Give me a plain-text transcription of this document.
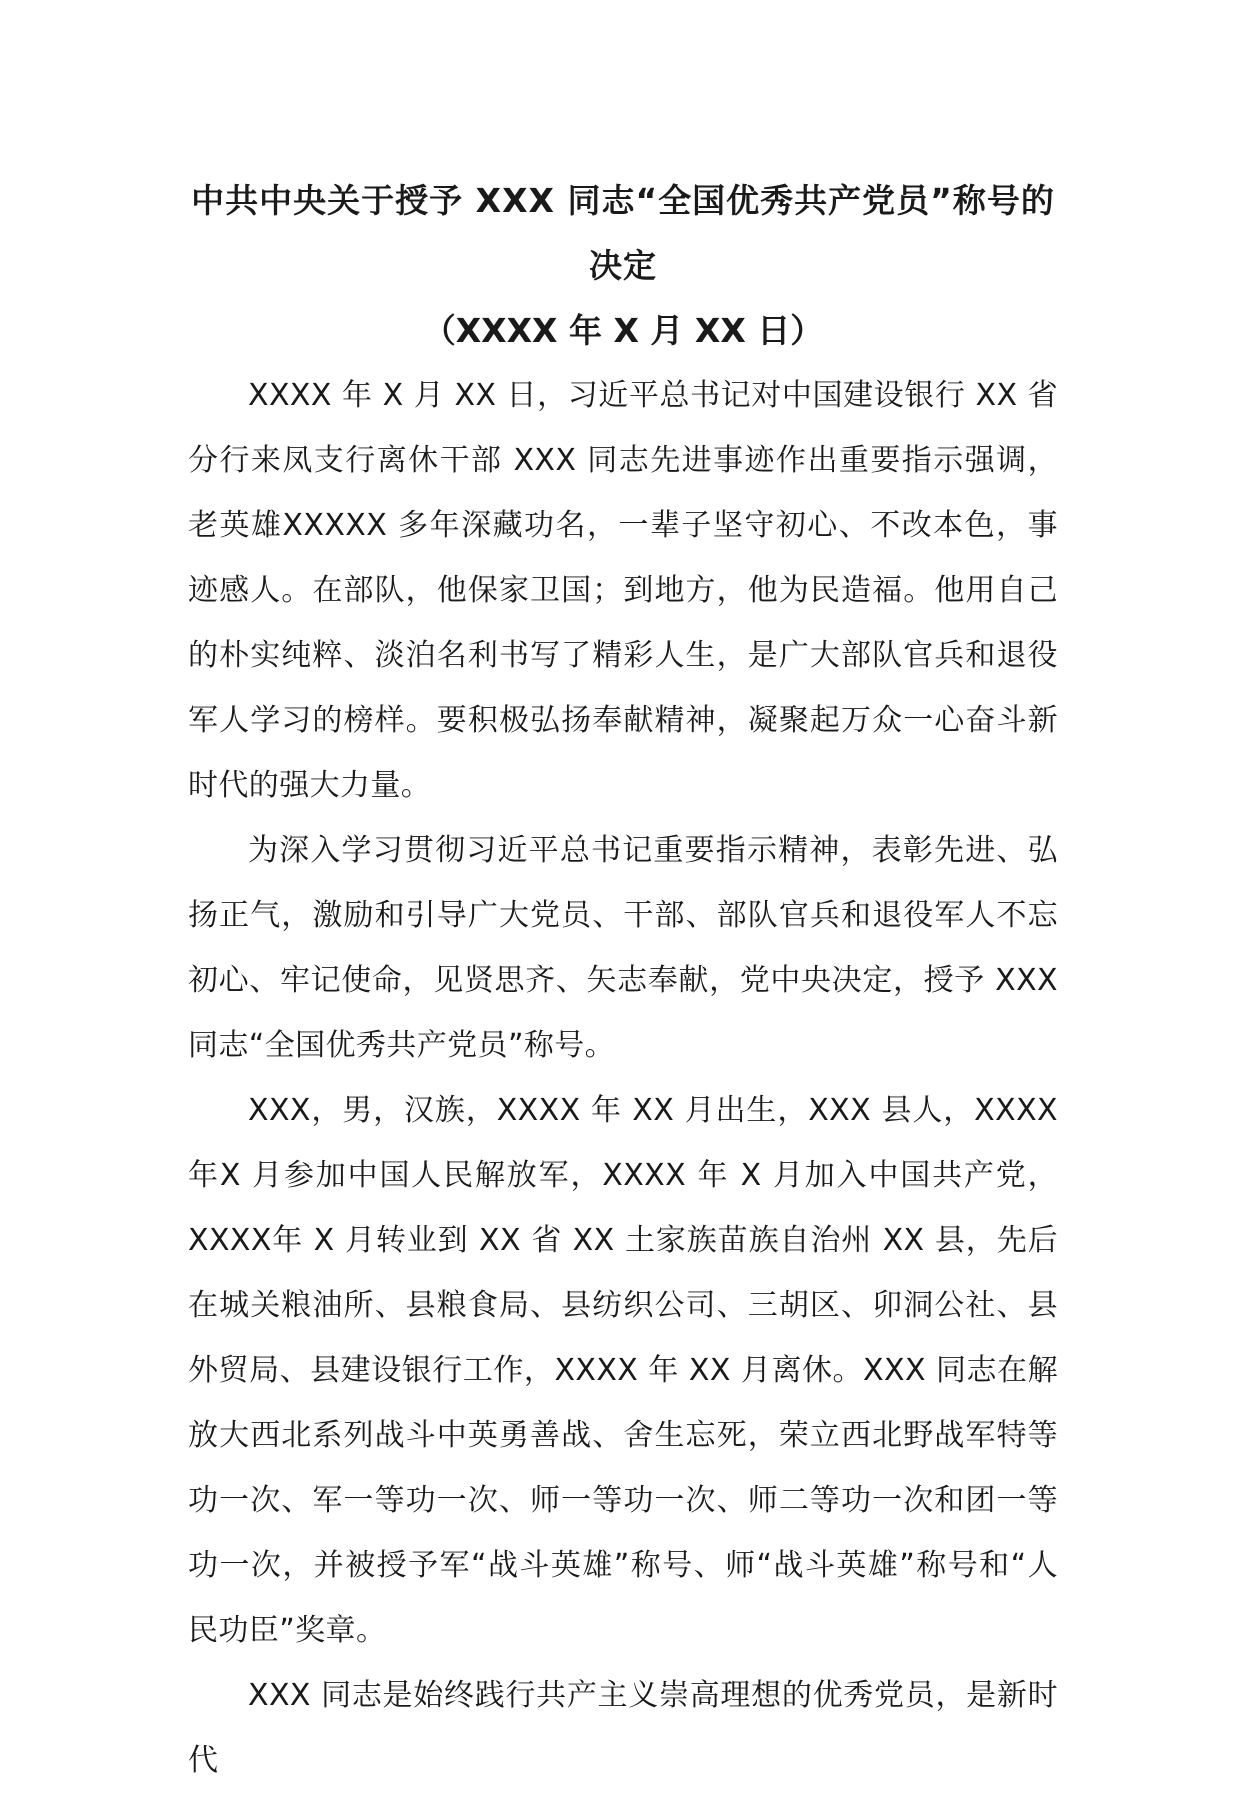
中共中央关于授予 XXX 同志“全国优秀共产党员”称号的决定
（XXXX 年 X 月 XX 日）

XXXX 年 X 月 XX 日，习近平总书记对中国建设银行 XX 省分行来凤支行离休干部 XXX 同志先进事迹作出重要指示强调，老英雄XXXXX 多年深藏功名，一辈子坚守初心、不改本色，事迹感人。在部队，他保家卫国；到地方，他为民造福。他用自己的朴实纯粹、淡泊名利书写了精彩人生，是广大部队官兵和退役军人学习的榜样。要积极弘扬奉献精神，凝聚起万众一心奋斗新时代的强大力量。

为深入学习贯彻习近平总书记重要指示精神，表彰先进、弘扬正气，激励和引导广大党员、干部、部队官兵和退役军人不忘初心、牢记使命，见贤思齐、矢志奉献，党中央决定，授予 XXX 同志“全国优秀共产党员”称号。

XXX，男，汉族，XXXX 年 XX 月出生，XXX 县人，XXXX 年X 月参加中国人民解放军，XXXX 年 X 月加入中国共产党，XXXX年 X 月转业到 XX 省 XX 土家族苗族自治州 XX 县，先后在城关粮油所、县粮食局、县纺织公司、三胡区、卯洞公社、县外贸局、县建设银行工作，XXXX 年 XX 月离休。XXX 同志在解放大西北系列战斗中英勇善战、舍生忘死，荣立西北野战军特等功一次、军一等功一次、师一等功一次、师二等功一次和团一等功一次，并被授予军“战斗英雄”称号、师“战斗英雄”称号和“人民功臣”奖章。

XXX 同志是始终践行共产主义崇高理想的优秀党员，是新时代
